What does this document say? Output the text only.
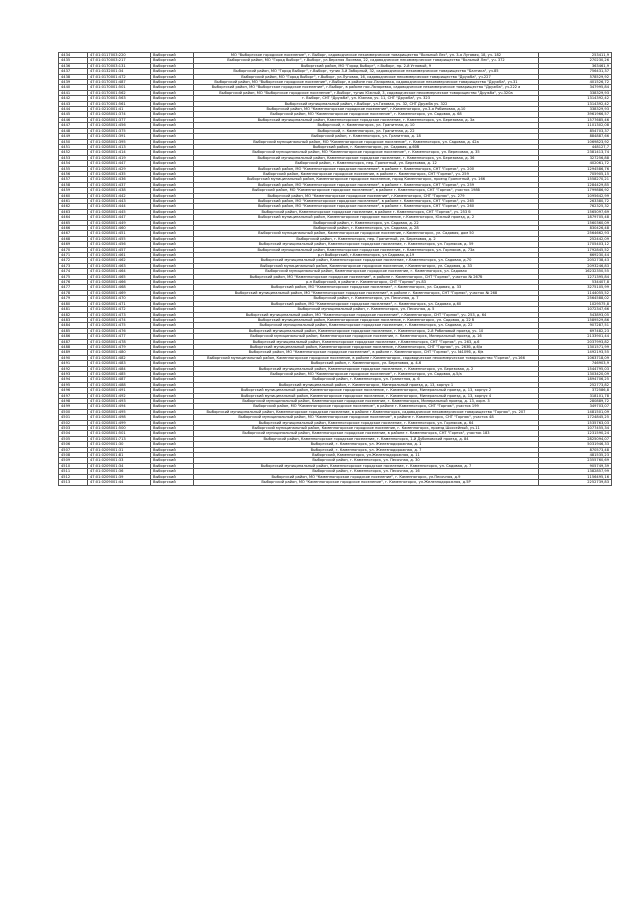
4434	47:01:0117003:220	Выборгский	МО "Выборгское городское поселение", г. Выборг, садоводческое некоммерческое товарищество "Вольный Лес", ул. 3-я Луговая, 18, уч. 182	253411,9
4435	47:01:0170003:217	Выборгский	Выборгский район, МО "Город Выборг", г.Выборг, ул.Верхняя Лосевая, 22, садоводческое некоммерческое товарищество "Вольный Лес", уч. 372	270230,26
4436	47:01:0170003:131	Выборгский	Выборгский район, МО "Город Выборг", г.Выборг, пр. 2-й Угловый, 9	363461,9
4437	47:01:0132001:34	Выборгский	Выборгский район, МО "Город Выборг", г.Выборг, тупик 3-й Заборный, 32, садоводческое некоммерческое товарищество "Балтика", уч.85	756431,37
4438	47:01:0170001:472	Выборгский	Выборгский район, МО "Город Выборг", г.Выборг, ул.Луговая, 16, садоводческое некоммерческое товарищество "Дружба", уч.227	578529,92
4439	47:01:0170001:487	Выборгский	Выборгский район, МО "Выборгское городское поселение", г.Выборг, в районе пос.Лазаревка, садоводческое некоммерческое товарищество "Дружба", уч.31	401526,72
4440	47:01:0170001:501	Выборгский	Выборгский район, МО "Выборгское городское поселение", г.Выборг, в районе пос.Лазаревка, садоводческое некоммерческое товарищество "Дружба", уч.222 а	347995,84
4441	47:01:0170001:562	Выборгский	Выборгский район, МО "Выборгское городское поселение", г.Выборг, тупик Южный, 3, садоводческое некоммерческое товарищество "Дружба", уч.320а	338329,93
4442	47:01:0170001:563	Выборгский	г. Выборг, СНТ "Дружба", ул. Южная, уч. 11, СНТ "Дружба", уч. 323	1314392,42
4443	47:01:0170001:561	Выборгский	Выборгский муниципальный район, г.Выборг, ул.Газовая, уч. 32, СНТ Дружба уч. 322	1314392,42
4444	47:01:0210001:41	Выборгский	Выборгский район, МО "Каменногорское городское поселение", г.Каменногорск, ул.3-я Рябиновая, д.10	338329,93
4445	47:01:0208001:374	Выборгский	Выборгский район, МО "Каменногорское городское поселение", г. Каменногорск, ул. Садовая, д. 68	3961966,57
4446	47:01:0208001:377	Выборгский	Выборгский муниципальный район, Каменногорское городское поселение, г. Каменногорск, ул. Березовая, д. 3а	1577685,46
4447	47:01:0208001:456	Выборгский	Выборгский, г. Каменногорск, ул. Гранитная, д. 10	1101302,08
4448	47:01:0208001:375	Выборгский	Выборгский, г. Каменногорск, ул. Гранитная, д. 22	854703,37
4449	47:01:0208001:391	Выборгский	Выборгский район, г. Каменногорск, ул. Гранитная, д. 18	884887,66
4450	47:01:0208001:395	Выборгский	Выборгский муниципальный район, МО "Каменногорское городское поселение", г. Каменногорск, ул. Садовая, д. 42а	1069823,92
4451	47:01:0208001:413	Выборгский	Выборгский район, г. Каменногорск, ул. Садовая, д.60б	448127,7
4452	47:01:0208001:414	Выборгский	Выборгский муниципальный район, МО "Каменногорское городское поселение", г. Каменногорск, ул. Вересовая, д. 35	2381413,74
4453	47:01:0208001:419	Выборгский	Выборгский муниципальный район, Каменногорское городское поселение, г. Каменногорск, ул. Березовая, д. 36	327256,88
4454	47:01:0208001:447	Выборгский	Выборгский район, г. Каменногорск, пер. Гранитный, ул. Березовая, д. 12	402061,72
4455	47:01:0208001:429	Выборгский	Выборгский район, МО "Каменногорское городское поселение", в районе г. Каменногорск, СНТ "Горняк", уч. 200	1294586,76
4456	47:01:0208001:435	Выборгский	Выборгский район, Каменногорское городское поселение, в районе г. Каменногорск, СНТ "Горняк", уч. 259	705905,15
4457	47:01:0208001:436	Выборгский	Выборгский муниципальный район, Каменногорское городское поселение, город Каменногорск, проезд Гранитный, уч. 166	1558270,21
4458	47:01:0208001:437	Выборгский	Выборгский район, МО "Каменногорское городское поселение", в районе г. Каменногорск, СНТ "Горняк", уч. 259	1284429,85
4459	47:01:0208001:438	Выборгский	Выборгский район, МО "Каменногорское городское поселение", в районе г. Каменногорск, СНТ "Горняк", участок 198б	1799886,92
4460	47:01:0208001:442	Выборгский	Выборгский район, МО "Каменногорское городское поселение", г.Каменногорск, СНТ "Горняк", уч. 279	1095642,99
4461	47:01:0208001:443	Выборгский	Выборгский район, МО "Каменногорское городское поселение", в районе г. Каменногорск, СНТ "Горняк", уч. 265	263380,72
4462	47:01:0208001:444	Выборгский	Выборгский район, МО "Каменногорское городское поселение", в районе г. Каменногорск, СНТ "Горняк", уч. 260	762325,32
4463	47:01:0208001:445	Выборгский	Выборгский район, Каменногорское городское поселение, в районе г. Каменногорск, СНТ "Горняк", уч. 253 б	1565097,69
4464	47:01:0208001:447	Выборгский	Выборгский муниципальный район, Каменногорское городское поселение, г.Каменногорск, Южный проезд, д. 2	1879705,48
4465	47:01:0208001:449	Выборгский	Выборгский район, г. Каменногорск, ул. Садовая, д. 22	1560360,09
4466	47:01:0208001:460	Выборгский	Выборгский район, г. Каменногорск, ул. Садовая, д. 28	830426,48
4467	47:01:0208001:451	Выборгский	Выборгский муниципальный район, Каменногорское городское поселение, г.Каменногорск, ул. Садовая, дом 50	2564662,93
4468	47:01:0208001:455	Выборгский	Выборгский район, г. Каменногорск, пер. Гранитный, ул. Березовая, д. 2	252442,09
4469	47:01:0208001:456	Выборгский	Выборгский муниципальный район, Каменногорское городское поселение, г. Каменногорск, ул. Горняков, д. 59	1705403,12
4470	47:01:0208001:457	Выборгский	Выборгский муниципальный район, Каменногорское городское поселение, г. Каменногорск, ул. Горняков, д. 73а	1792845,52
4471	47:01:0208001:461	Выборгский	р-н Выборгский, г.Каменногорск, ул Садовая, д.19	669230,44
4472	47:01:0208001:462	Выборгский	Выборгский муниципальный район, Каменногорское городское поселение, г.Каменногорск, ул. Садовая, д.70	2052738,43
4473	47:01:0208001:463	Выборгский	Выборгский муниципальный район, Каменногорское городское поселение, г.Каменногорск, ул. Садовая, д. 33	2093246,83
4474	47:01:0208001:464	Выборгский	Выборгский муниципальный район, Каменногорское городское поселение, г. Каменногорск, ул. Садовая	16232350,55
4475	47:01:0208001:465	Выборгский	Выборгский район, МО "Каменногорское городское поселение", в районе г. Каменногорск, СНТ "Горняк", участок № 267б	1271395,84
4476	47:01:0208001:466	Выборгский	р-н Выборгский, в районе г. Каменногорск, СНТ "Горняк" уч.83	534407,8
4477	47:01:0208001:468	Выборгский	Выборгский район, МО "Каменногорское городское поселение", г.Каменногорск, ул. Садовая, д. 33	3275105,99
4478	47:01:0208001:469	Выборгский	Выборгский муниципальный район, МО "Каменногорское городское поселение", в районе г. Каменногорск, СНТ "Горняк", участок № 268	1144055,52
4479	47:01:0208001:470	Выборгский	Выборгский район, г. Каменногорск, ул. Песочная, д. 7	2564588,02
4480	47:01:0208001:471	Выборгский	Выборгский район, МО "Каменногорское городское поселение", г. Каменногорск, ул. Садовая, д.60	1029575,8
4481	47:01:0208001:472	Выборгский	Выборгский муниципальный район, г. Каменногорск, ул. Песочная, д. 5	1072347,66
4482	47:01:0208001:473	Выборгский	Выборгский муниципальный район, МО "Каменногорское городское поселение", г.Каменногорск, СНТ "Горняк", уч. 253, д. 64	543893,05
4483	47:01:0208001:474	Выборгский	Выборгский муниципальный район, Каменногорское городское поселение, г. Каменногорск, ул. Садовая, д. 22 б	1589529,86
4484	47:01:0208001:475	Выборгский	Выборгский муниципальный район, Каменногорское городское поселение, г. Каменногорск, ул. Садовая, д. 22	907287,51
4485	47:01:0208001:476	Выборгский	Выборгский муниципальный район, Каменногорское городское поселение, г. Каменногорск, 2-й Рябиновый проезд, уч. 10	697482,23
4486	47:01:0208001:477	Выборгский	Выборгский муниципальный район, Каменногорское городское поселение, г. Каменногорск, Минеральный проезд, д. 16	2133901,44
4487	47:01:0208001:478	Выборгский	Выборгский муниципальный район, Каменногорское городское поселение, г.Каменногорск, СНТ "Горняк", уч. 263, д.6	2037993,82
4488	47:01:0208001:479	Выборгский	Выборгский муниципальный район, Каменногорское городское поселение, г.Каменногорск, СНТ "Горняк", уч. 263б, д.6/а	1301571,99
4489	47:01:0208001:480	Выборгский	Выборгский район, МО "Каменногорское городское поселение", в районе г. Каменногорск, СНТ "Горняк", уч. №109б, д. 6/в	1492193,55
4490	47:01:0208001:482	Выборгский	Выборгский муниципальный район, Каменногорское городское поселение, в районе г.Каменногорск, садоводческое некоммерческое товарищество "Горняк", уч.166	1063718,09
4491	47:01:0208001:483	Выборгский	Выборгский район, г. Каменногорск, ул. Березовая, д. 4-6	746903,9
4492	47:01:0208001:484	Выборгский	Выборгский муниципальный район, Каменногорское городское поселение, г. Каменногорск, ул. Березовая, д. 2	1544795,03
4493	47:01:0208001:485	Выборгский	Выборгский район, МО "Каменногорское городское поселение", г. Каменногорск, ул. Садовая, д.5/а	1303420,09
4494	47:01:0208001:487	Выборгский	Выборгский район, г. Каменногорск, ул. Гранитная, д. 6	1894706,25
4495	47:01:0208001:488	Выборгский	Выборгский муниципальный район, г. Каменногорск, Минеральный проезд, д. 13, корпус 1	252773,82
4496	47:01:0208001:491	Выборгский	Выборгский муниципальный район, Каменногорское городское поселение, г. Каменногорск, Минеральный проезд, д. 13, корпус 2	372586,8
4497	47:01:0208001:492	Выборгский	Выборгский муниципальный район, Каменногорское городское поселение, г. Каменногорск, Минеральный проезд, д. 13, корпус 4	318101,78
4498	47:01:0208001:493	Выборгский	Выборгский муниципальный район, Каменногорское городское поселение, г. Каменногорск, Минеральный проезд, д. 13, корп. 3	280889,72
4499	47:01:0208001:494	Выборгский	Выборгский район, МО "Каменногорское городское поселение", в районе г. Каменногорск, СНТ "Горняк", участок 199	349703,07
4500	47:01:0208001:495	Выборгский	Выборгский муниципальный район, Каменногорское городское поселение, в районе г.Каменногорск, садоводческое некоммерческое товарищество "Горняк", уч. 207	1481501,09
4501	47:01:0208001:498	Выборгский	Выборгский муниципальный район, МО "Каменногорское городское поселение", в районе г. Каменногорск, СНТ "Горняк", участок 48	1724845,25
4502	47:01:0208001:499	Выборгский	Выборгский муниципальный район, Каменногорское городское поселение, г. Каменногорск, ул. Горняков, д. 64	1535763,03
4503	47:01:0208001:500	Выборгский	Выборгский муниципальный район, Каменногорское городское поселение, г. Каменногорск, проезд Шоссейный, уч.11	1077455,34
4504	47:01:0208001:501	Выборгский	Выборгский муниципальный район, Каменногорское городское поселение, в районе г. Каменногорск, СНТ "Горняк", участок 183	1231590,24
4505	47:01:0208001:713	Выборгский	Выборгский район, Каменногорское городское поселение, г. Каменногорск, 1-й Дубиновский проезд, д. 84	2825094,07
4506	47:01:0209001:30	Выборгский	Выборгский, г. Каменногорск, ул. Железнодорожная, д. 1	5031946,33
4507	47:01:0209001:31	Выборгский	Выборгский, г. Каменногорск, ул. Железнодорожная, д. 7	870573,48
4508	47:01:0209001:81	Выборгский	Выборгский, Каменногорск, ул.Железнодорожная, д. 11	481535,23
4509	47:01:0209001:33	Выборгский	Выборгский район, г. Каменногорск, ул. Песочная, д. 30	2355760,69
4510	47:01:0209001:34	Выборгский	Выборгский муниципальный район, Каменногорское городское поселение, г. Каменногорск, ул. Садовая, д. 7	905749,39
4511	47:01:0209001:36	Выборгский	Выборгский район, г. Каменногорск, ул. Песочная, д. 16	1382857,99
4512	47:01:0209001:39	Выборгский	Выборгский район, МО "Каменногорское городское поселение", г. Каменногорск, ул.Песочная, д.9	1156495,16
4513	47:01:0209001:44	Выборгский	Выборгский район, МО "Каменногорское городское поселение", г. Каменногорск, ул.Железнодорожная, д.5Р	2252739,83
